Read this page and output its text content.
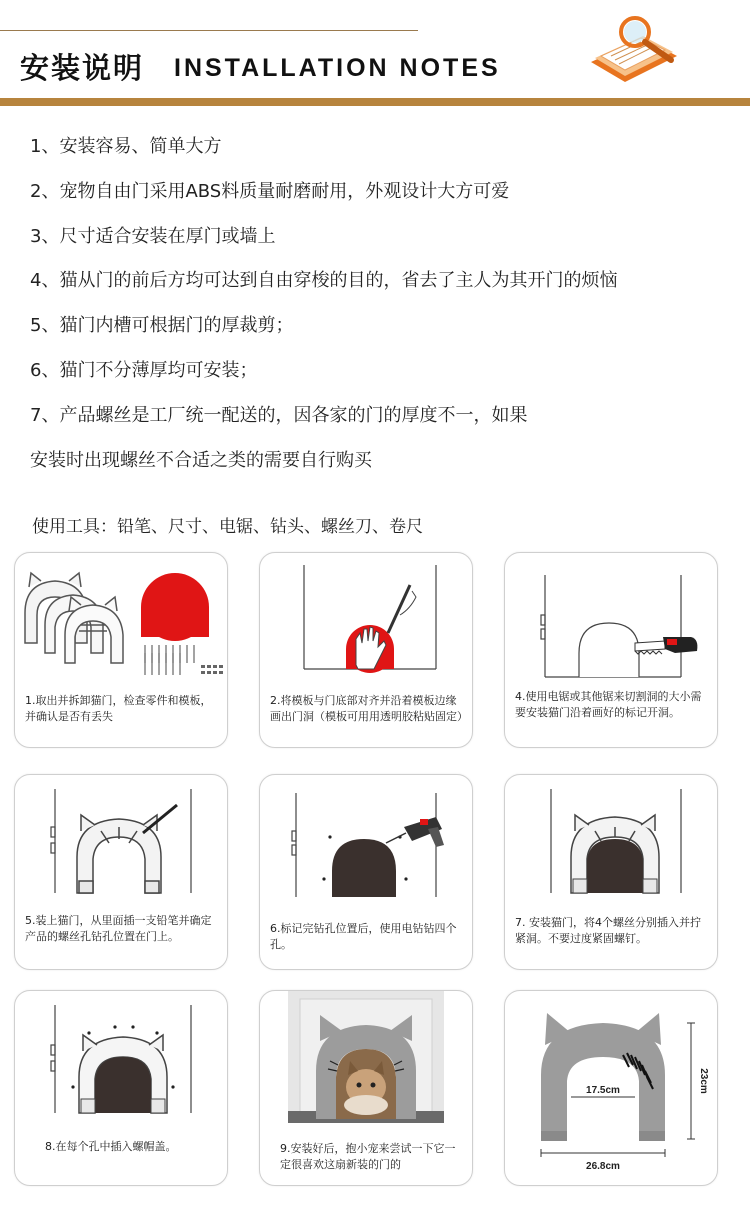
安装说明 INSTALLATION NOTES
1、安装容易、简单大方
2、宠物自由门采用ABS料质量耐磨耐用，外观设计大方可爱
3、尺寸适合安装在厚门或墙上
4、猫从门的前后方均可达到自由穿梭的目的，省去了主人为其开门的烦恼
5、猫门内槽可根据门的厚裁剪；
6、猫门不分薄厚均可安装；
7、产品螺丝是工厂统一配送的，因各家的门的厚度不一，如果
安装时出现螺丝不合适之类的需要自行购买
使用工具：铅笔、尺寸、电锯、钻头、螺丝刀、卷尺
1.取出并拆卸猫门，检查零件和模板，并确认是否有丢失
2.将模板与门底部对齐并沿着模板边缘画出门洞（模板可用用透明胶粘贴固定）
4.使用电锯或其他锯来切割洞的大小需要安装猫门沿着画好的标记开洞。
5.装上猫门，从里面插一支铅笔并确定产品的螺丝孔钻孔位置在门上。
6.标记完钻孔位置后，使用电钻钻四个孔。
7. 安装猫门，将4个螺丝分别插入并拧紧洞。不要过度紧固螺钉。
8.在每个孔中插入螺帽盖。	9.安装好后，抱小宠来尝试一下它一定很喜欢这扇新装的门的
17.5cm
26.8cm
23cm
